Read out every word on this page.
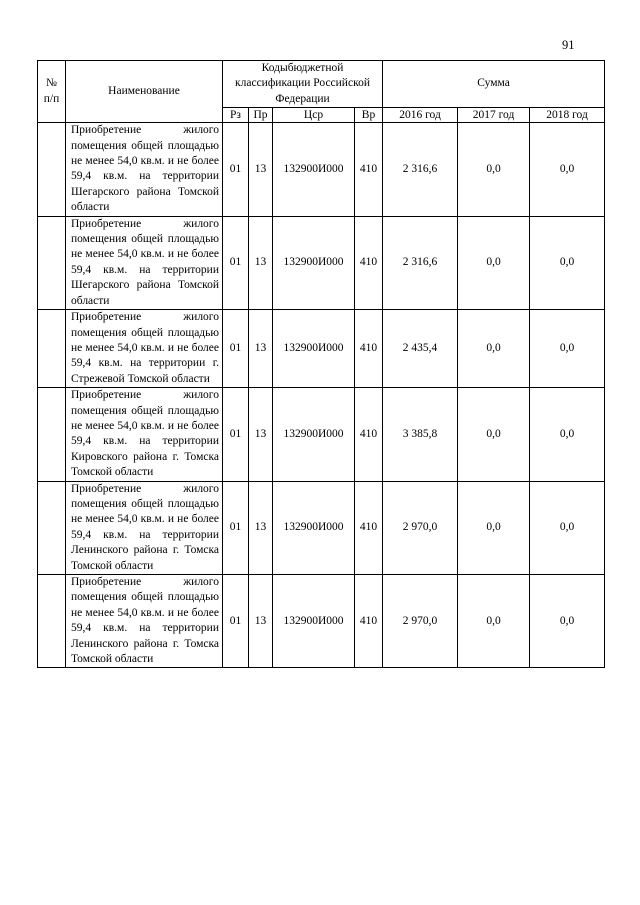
91
№ п/п	Наименование	Кодыбюджетной классификации Российской Федерации				Сумма		
		Рз	Пр	Цср	Вр	2016 год	2017 год	2018 год
	Приобретение жилого помещения общей площадью не менее 54,0 кв.м. и не более 59,4 кв.м. на территории Шегарского района Томской области	01	13	132900И000	410	2 316,6	0,0	0,0
	Приобретение жилого помещения общей площадью не менее 54,0 кв.м. и не более 59,4 кв.м. на территории Шегарского района Томской области	01	13	132900И000	410	2 316,6	0,0	0,0
	Приобретение жилого помещения общей площадью не менее 54,0 кв.м. и не более 59,4 кв.м. на территории г. Стрежевой Томской области	01	13	132900И000	410	2 435,4	0,0	0,0
	Приобретение жилого помещения общей площадью не менее 54,0 кв.м. и не более 59,4 кв.м. на территории Кировского района г. Томска Томской области	01	13	132900И000	410	3 385,8	0,0	0,0
	Приобретение жилого помещения общей площадью не менее 54,0 кв.м. и не более 59,4 кв.м. на территории Ленинского района г. Томска Томской области	01	13	132900И000	410	2 970,0	0,0	0,0
	Приобретение жилого помещения общей площадью не менее 54,0 кв.м. и не более 59,4 кв.м. на территории Ленинского района г. Томска Томской области	01	13	132900И000	410	2 970,0	0,0	0,0
